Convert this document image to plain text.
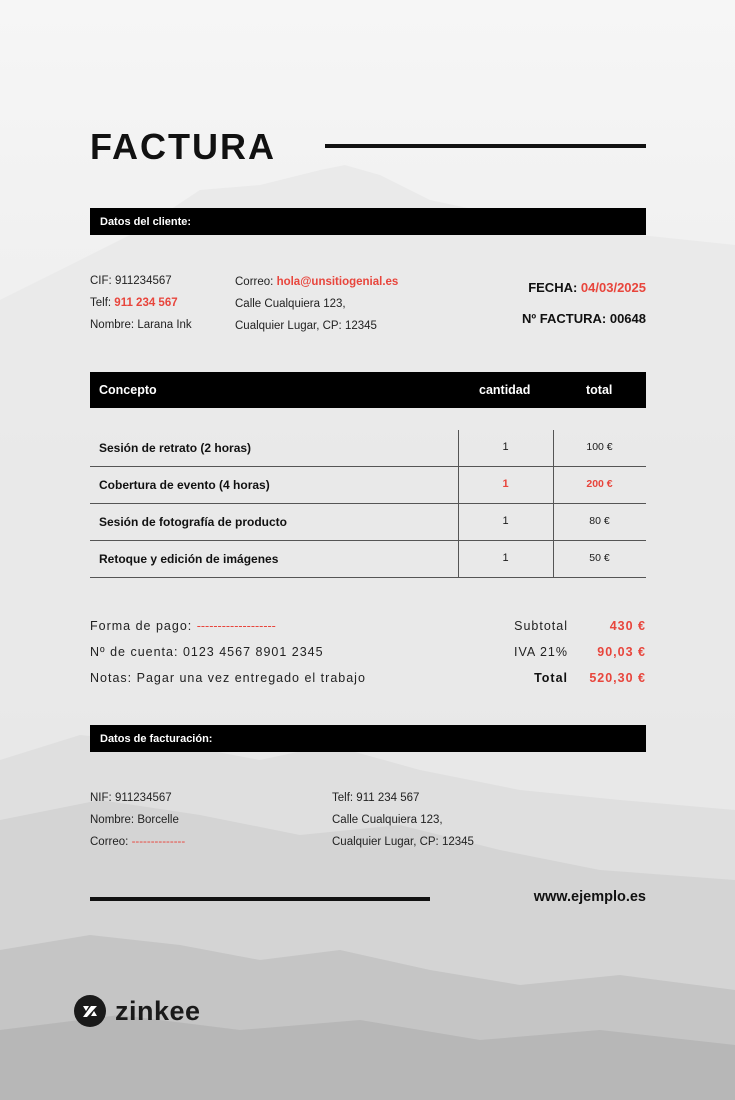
FACTURA
Datos del cliente:
CIF: 911234567
Telf: 911 234 567
Nombre: Larana Ink
Correo: hola@unsitiogenial.es
Calle Cualquiera 123,
Cualquier Lugar, CP: 12345
FECHA: 04/03/2025
Nº FACTURA: 00648
Concepto	cantidad	total
Sesión de retrato (2 horas)	1	100 €
Cobertura de evento (4 horas)	1	200 €
Sesión de fotografía de producto	1	80 €
Retoque y edición de imágenes	1	50 €
Forma de pago: -------------------
Nº de cuenta: 0123 4567 8901 2345
Notas: Pagar una vez entregado el trabajo
Subtotal	430 €
IVA 21%	90,03 €
Total	520,30 €
Datos de facturación:
NIF: 911234567
Nombre: Borcelle
Correo: --------------
Telf: 911 234 567
Calle Cualquiera 123,
Cualquier Lugar, CP: 12345
www.ejemplo.es
zinkee
